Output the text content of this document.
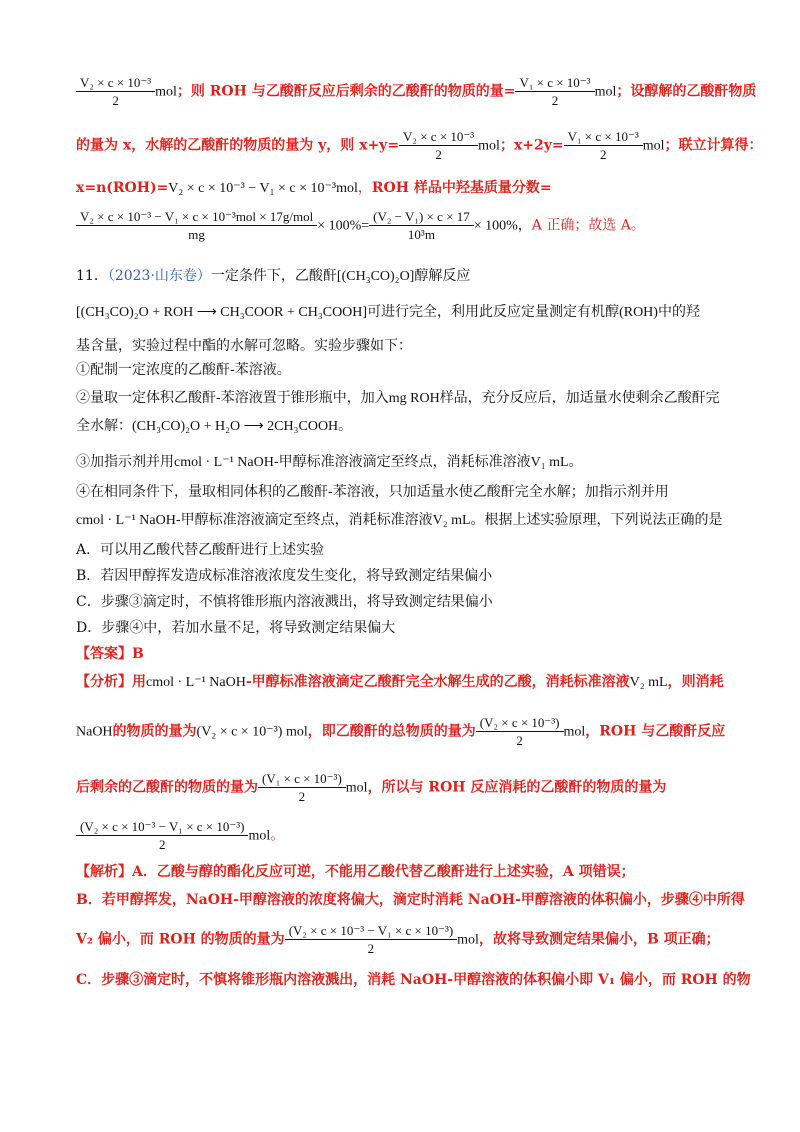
$\frac{\text{V₂ × c × 10⁻³}}{2}$ mol；则 ROH 与乙酸酐反应后剩余的乙酸酐的物质的量= $\frac{\text{V₁ × c × 10⁻³}}{2}$ mol；设醇解的乙酸酐物质
的量为 x，水解的乙酸酐的物质的量为 y，则 $x+y= \frac{\text{V₂ × c × 10⁻³}}{2}$ mol；$x+2y= \frac{\text{V₁ × c × 10⁻³}}{2}$ mol；联立计算得：
x=n(ROH)=V₂ × c × 10⁻³ − V₁ × c × 10⁻³mol，ROH 样品中羟基质量分数=
$\frac{\text{V₂ × c × 10⁻³ − V₁ × c × 10⁻³mol × 17g/mol}}{mg} \times 100\%= \frac{\text{(V₂ − V₁) × c × 17}}{\text{10³m}} \times 100\%$，A 正确；故选 A。
11．（2023·山东卷）一定条件下，乙酸酐[(CH₃CO)₂O]醇解反应
[(CH₃CO)₂O + ROH ⟶ CH₃COOR + CH₃COOH]可进行完全，利用此反应定量测定有机醇(ROH)中的羟
基含量，实验过程中酯的水解可忽略。实验步骤如下：
①配制一定浓度的乙酸酐-苯溶液。
②量取一定体积乙酸酐-苯溶液置于锥形瓶中，加入mg ROH样品，充分反应后，加适量水使剩余乙酸酐完
全水解：(CH₃CO)₂O + H₂O ⟶ 2CH₃COOH。
③加指示剂并用cmol · L⁻¹ NaOH-甲醇标准溶液滴定至终点，消耗标准溶液V₁ mL。
④在相同条件下，量取相同体积的乙酸酐-苯溶液，只加适量水使乙酸酐完全水解；加指示剂并用
cmol · L⁻¹ NaOH-甲醇标准溶液滴定至终点，消耗标准溶液V₂ mL。根据上述实验原理，下列说法正确的是
A．可以用乙酸代替乙酸酐进行上述实验
B．若因甲醇挥发造成标准溶液浓度发生变化，将导致测定结果偏小
C．步骤③滴定时，不慎将锥形瓶内溶液溅出，将导致测定结果偏小
D．步骤④中，若加水量不足，将导致测定结果偏大
【答案】B
【分析】用cmol · L⁻¹ NaOH-甲醇标准溶液滴定乙酸酐完全水解生成的乙酸，消耗标准溶液V₂ mL，则消耗
NaOH的物质的量为(V₂ × c × 10⁻³) mol，即乙酸酐的总物质的量为 $\frac{\text{(V₂ × c × 10⁻³)}}{2}$ mol，ROH 与乙酸酐反应
后剩余的乙酸酐的物质的量为 $\frac{\text{(V₁ × c × 10⁻³)}}{2}$ mol，所以与 ROH 反应消耗的乙酸酐的物质的量为
$\frac{\text{(V₂ × c × 10⁻³ − V₁ × c × 10⁻³)}}{2}$ mol。
【解析】A．乙酸与醇的酯化反应可逆，不能用乙酸代替乙酸酐进行上述实验，A 项错误；
B．若甲醇挥发，NaOH-甲醇溶液的浓度将偏大，滴定时消耗 NaOH-甲醇溶液的体积偏小，步骤④中所得
V₂ 偏小，而 ROH 的物质的量为 $\frac{\text{(V₂ × c × 10⁻³ − V₁ × c × 10⁻³)}}{2}$ mol，故将导致测定结果偏小，B 项正确；
C．步骤③滴定时，不慎将锥形瓶内溶液溅出，消耗 NaOH-甲醇溶液的体积偏小即 V₁ 偏小，而 ROH 的物
